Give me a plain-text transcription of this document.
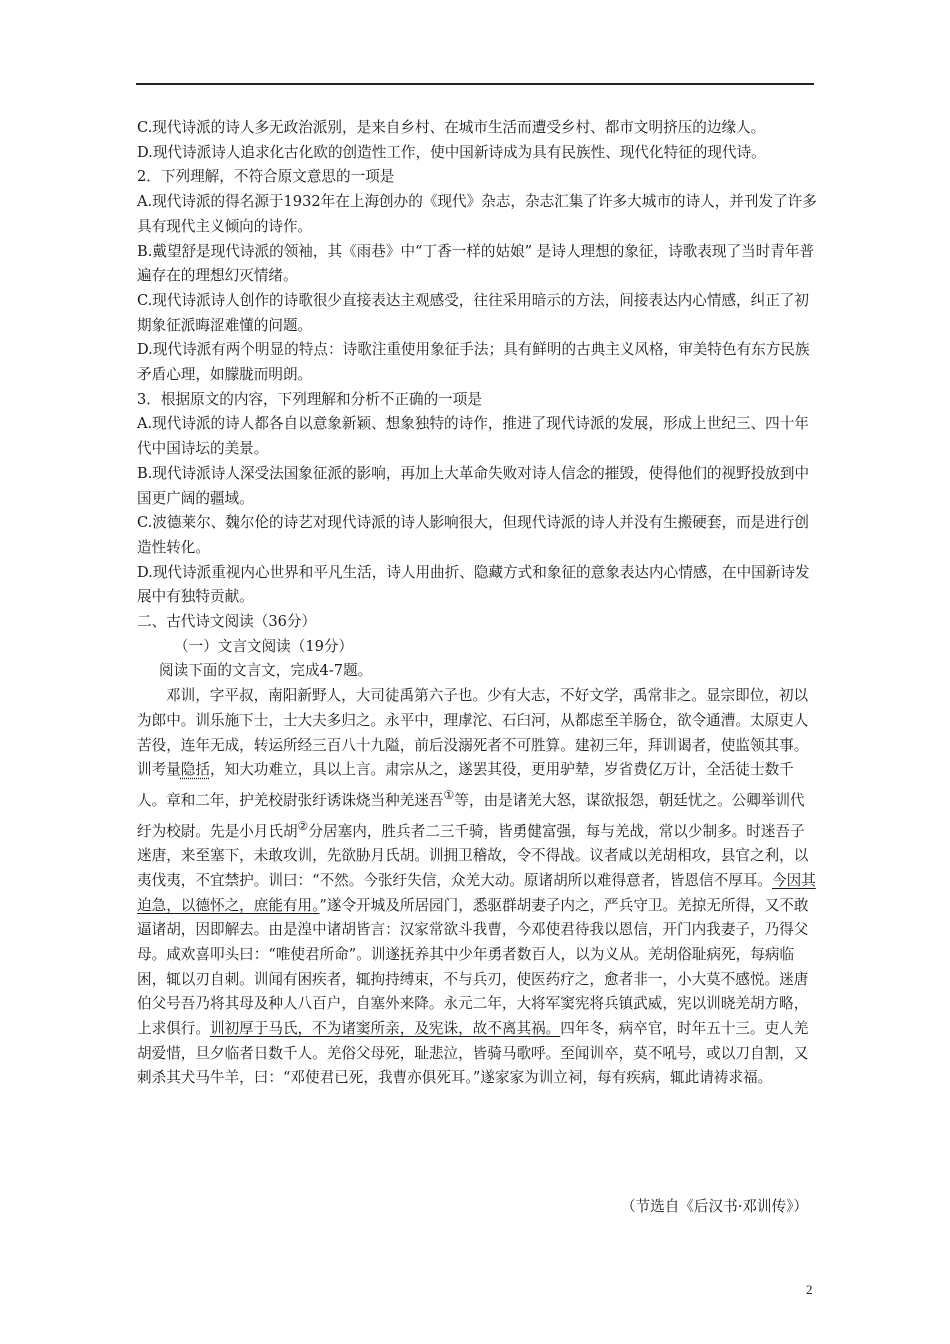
C.现代诗派的诗人多无政治派别，是来自乡村、在城市生活而遭受乡村、都市文明挤压的边缘人。

D.现代诗派诗人追求化古化欧的创造性工作，使中国新诗成为具有民族性、现代化特征的现代诗。

2．下列理解，不符合原文意思的一项是

A.现代诗派的得名源于1932年在上海创办的《现代》杂志，杂志汇集了许多大城市的诗人，并刊发了许多具有现代主义倾向的诗作。

B.戴望舒是现代诗派的领袖，其《雨巷》中“丁香一样的姑娘” 是诗人理想的象征，诗歌表现了当时青年普遍存在的理想幻灭情绪。

C.现代诗派诗人创作的诗歌很少直接表达主观感受，往往采用暗示的方法，间接表达内心情感，纠正了初期象征派晦涩难懂的问题。

D.现代诗派有两个明显的特点：诗歌注重使用象征手法；具有鲜明的古典主义风格，审美特色有东方民族矛盾心理，如朦胧而明朗。

3．根据原文的内容，下列理解和分析不正确的一项是

A.现代诗派的诗人都各自以意象新颖、想象独特的诗作，推进了现代诗派的发展，形成上世纪三、四十年代中国诗坛的美景。

B.现代诗派诗人深受法国象征派的影响，再加上大革命失败对诗人信念的摧毁，使得他们的视野投放到中国更广阔的疆域。

C.波德莱尔、魏尔伦的诗艺对现代诗派的诗人影响很大，但现代诗派的诗人并没有生搬硬套，而是进行创造性转化。

D.现代诗派重视内心世界和平凡生活，诗人用曲折、隐藏方式和象征的意象表达内心情感，在中国新诗发展中有独特贡献。

二、古代诗文阅读（36分）

（一）文言文阅读（19分）

阅读下面的文言文，完成4-7题。

邓训，字平叔，南阳新野人，大司徒禹第六子也。少有大志，不好文学，禹常非之。显宗即位，初以为郎中。训乐施下士，士大夫多归之。永平中，理虖沱、石臼河，从都虑至羊肠仓，欲令通漕。太原吏人苦役，连年无成，转运所经三百八十九隘，前后没溺死者不可胜算。建初三年，拜训谒者，使监领其事。训考量隐括，知大功难立，具以上言。肃宗从之，遂罢其役，更用驴辇，岁省费亿万计，全活徒士数千人。章和二年，护羌校尉张纡诱诛烧当种羌迷吾①等，由是诸羌大怒，谋欲报怨，朝廷忧之。公卿举训代纡为校尉。先是小月氏胡②分居塞内，胜兵者二三千骑，皆勇健富强，每与羌战，常以少制多。时迷吾子迷唐，来至塞下，未敢攻训，先欲胁月氏胡。训拥卫稽故，令不得战。议者咸以羌胡相攻，县官之利，以夷伐夷，不宜禁护。训曰：“不然。今张纡失信，众羌大动。原诸胡所以难得意者，皆恩信不厚耳。今因其迫急，以德怀之，庶能有用。”遂令开城及所居园门，悉驱群胡妻子内之，严兵守卫。羌掠无所得，又不敢逼诸胡，因即解去。由是湟中诸胡皆言：汉家常欲斗我曹，今邓使君待我以恩信，开门内我妻子，乃得父母。咸欢喜叩头曰：“唯使君所命”。训遂抚养其中少年勇者数百人，以为义从。羌胡俗耻病死，每病临困，辄以刃自刺。训闻有困疾者，辄拘持缚束，不与兵刃，使医药疗之，愈者非一，小大莫不感悦。迷唐伯父号吾乃将其母及种人八百户，自塞外来降。永元二年，大将军窦宪将兵镇武威，宪以训晓羌胡方略，上求俱行。训初厚于马氏，不为诸窦所亲，及宪诛，故不离其祸。四年冬，病卒官，时年五十三。吏人羌胡爱惜，旦夕临者日数千人。羌俗父母死，耻悲泣，皆骑马歌呼。至闻训卒，莫不吼号，或以刀自割，又刺杀其犬马牛羊，曰：“邓使君已死，我曹亦俱死耳。”遂家家为训立祠，每有疾病，辄此请祷求福。

（节选自《后汉书·邓训传》）
2
